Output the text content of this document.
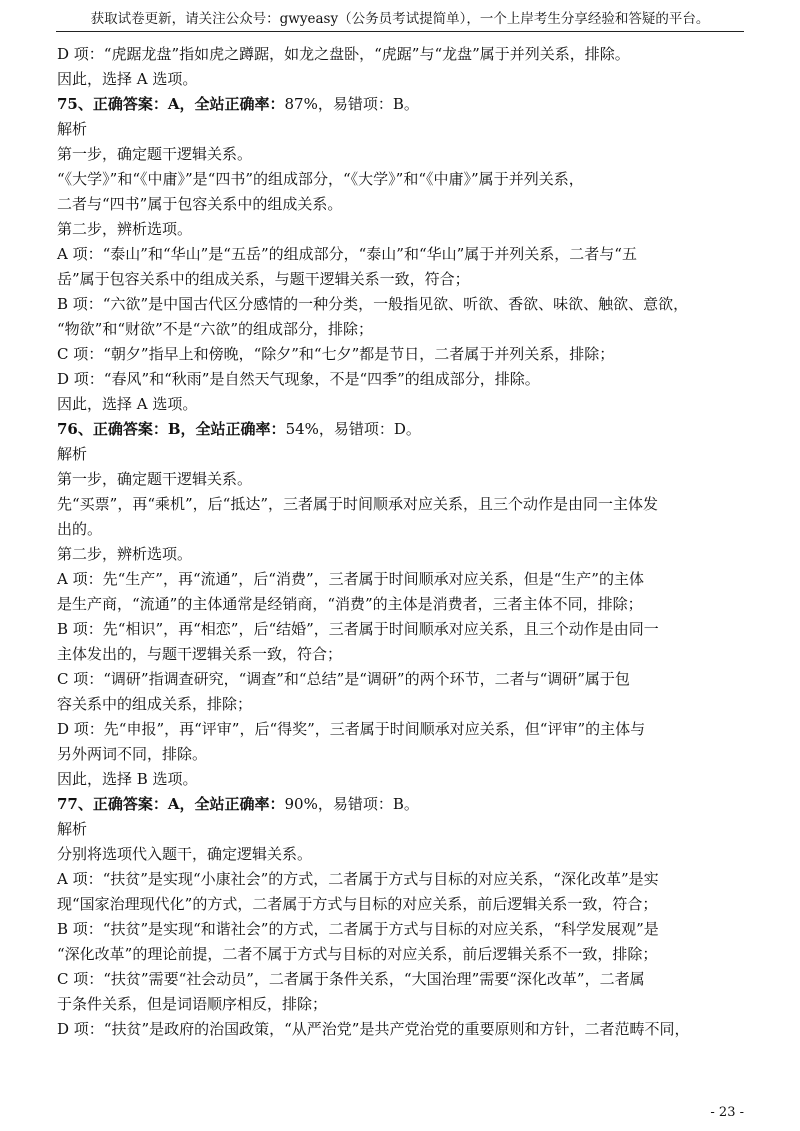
获取试卷更新，请关注公众号：gwyeasy（公务员考试提简单），一个上岸考生分享经验和答疑的平台。
D 项：“虎踞龙盘”指如虎之蹲踞，如龙之盘卧，“虎踞”与“龙盘”属于并列关系，排除。
因此，选择 A 选项。
75、正确答案：A，全站正确率：87%，易错项：B。
解析
第一步，确定题干逻辑关系。
“《大学》”和“《中庸》”是“四书”的组成部分，“《大学》”和“《中庸》”属于并列关系，
二者与“四书”属于包容关系中的组成关系。
第二步，辨析选项。
A 项：“泰山”和“华山”是“五岳”的组成部分，“泰山”和“华山”属于并列关系，二者与“五
岳”属于包容关系中的组成关系，与题干逻辑关系一致，符合；
B 项：“六欲”是中国古代区分感情的一种分类，一般指见欲、听欲、香欲、味欲、触欲、意欲，
“物欲”和“财欲”不是“六欲”的组成部分，排除；
C 项：“朝夕”指早上和傍晚，“除夕”和“七夕”都是节日，二者属于并列关系，排除；
D 项：“春风”和“秋雨”是自然天气现象，不是“四季”的组成部分，排除。
因此，选择 A 选项。
76、正确答案：B，全站正确率：54%，易错项：D。
解析
第一步，确定题干逻辑关系。
先“买票”，再“乘机”，后“抵达”，三者属于时间顺承对应关系，且三个动作是由同一主体发
出的。
第二步，辨析选项。
A 项：先“生产”，再“流通”，后“消费”，三者属于时间顺承对应关系，但是“生产”的主体
是生产商，“流通”的主体通常是经销商，“消费”的主体是消费者，三者主体不同，排除；
B 项：先“相识”，再“相恋”，后“结婚”，三者属于时间顺承对应关系，且三个动作是由同一
主体发出的，与题干逻辑关系一致，符合；
C 项：“调研”指调查研究，“调查”和“总结”是“调研”的两个环节，二者与“调研”属于包
容关系中的组成关系，排除；
D 项：先“申报”，再“评审”，后“得奖”，三者属于时间顺承对应关系，但“评审”的主体与
另外两词不同，排除。
因此，选择 B 选项。
77、正确答案：A，全站正确率：90%，易错项：B。
解析
分别将选项代入题干，确定逻辑关系。
A 项：“扶贫”是实现“小康社会”的方式，二者属于方式与目标的对应关系，“深化改革”是实
现“国家治理现代化”的方式，二者属于方式与目标的对应关系，前后逻辑关系一致，符合；
B 项：“扶贫”是实现“和谐社会”的方式，二者属于方式与目标的对应关系，“科学发展观”是
“深化改革”的理论前提，二者不属于方式与目标的对应关系，前后逻辑关系不一致，排除；
C 项：“扶贫”需要“社会动员”，二者属于条件关系，“大国治理”需要“深化改革”，二者属
于条件关系，但是词语顺序相反，排除；
D 项：“扶贫”是政府的治国政策，“从严治党”是共产党治党的重要原则和方针，二者范畴不同，
- 23 -
